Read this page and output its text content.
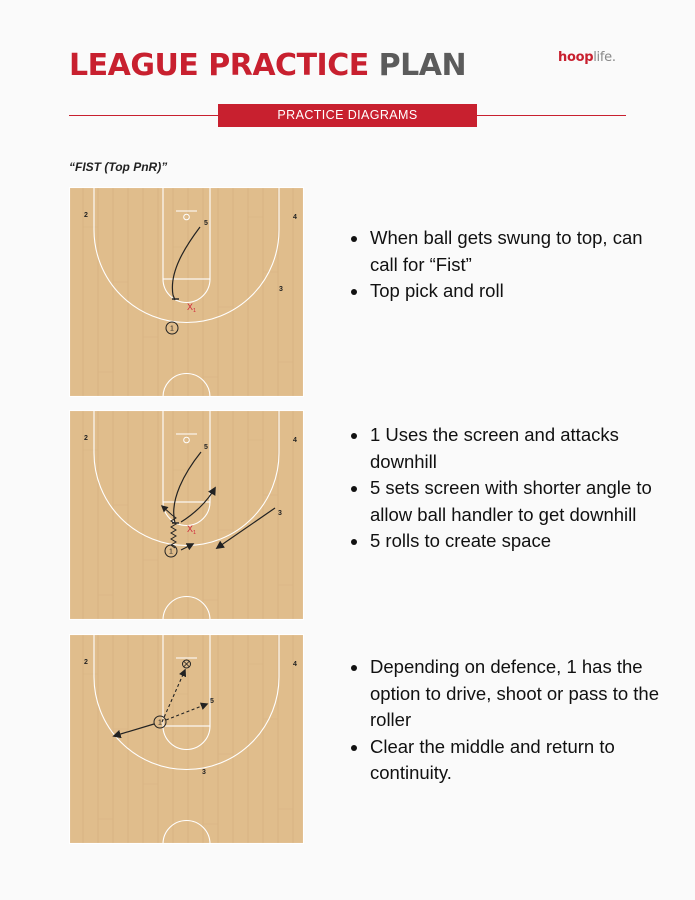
LEAGUE PRACTICE PLAN	hooplife.
PRACTICE DIAGRAMS
“FIST (Top PnR)”
5
2	4
3
1
$X_1$
When ball gets swung to top, can call for “Fist”
Top pick and roll
5
2	4
3
1
$X_1$
1 Uses the screen and attacks downhill
5 sets screen with shorter angle to allow ball handler to get downhill
5 rolls to create space
5
2	4
3
1
Depending on defence, 1 has the option to drive, shoot or pass to the roller
Clear the middle and return to continuity.
